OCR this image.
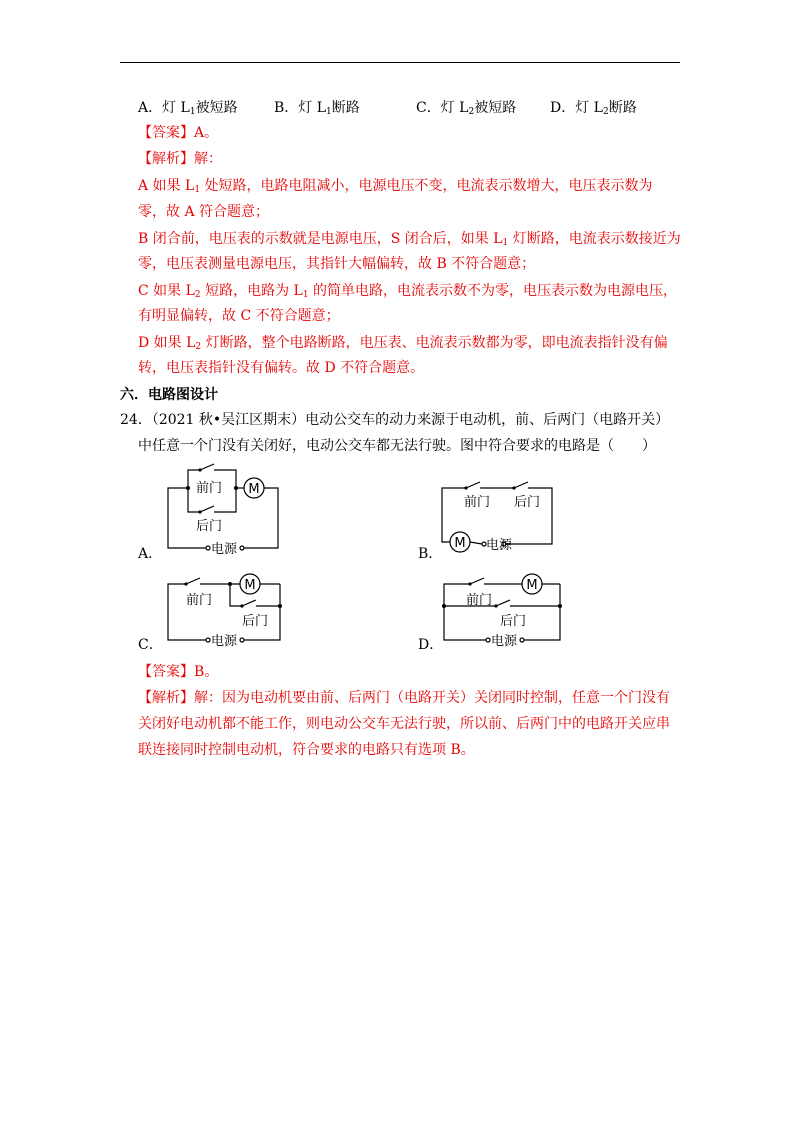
A．灯 $L_1$被短路	B．灯 $L_1$断路	C．灯 $L_2$被短路 D．灯 $L_2$断路
【答案】A。
【解析】解：
A 如果 $L_1$ 处短路，电路电阻减小，电源电压不变，电流表示数增大，电压表示数为
零，故 A 符合题意；
B 闭合前，电压表的示数就是电源电压，S 闭合后，如果 $L_1$ 灯断路，电流表示数接近为
零，电压表测量电源电压，其指针大幅偏转，故 B 不符合题意；
C 如果 $L_2$ 短路，电路为 $L_1$ 的简单电路，电流表示数不为零，电压表示数为电源电压，
有明显偏转，故 C 不符合题意；
D 如果 $L_2$ 灯断路，整个电路断路，电压表、电流表示数都为零，即电流表指针没有偏
转，电压表指针没有偏转。故 D 不符合题意。
六．电路图设计
24．（2021 秋•吴江区期末）电动公交车的动力来源于电动机，前、后两门（电路开关）
中任意一个门没有关闭好，电动公交车都无法行驶。图中符合要求的电路是（　　）
A．
M
前门
后门
电源	B．
M
前门 后门
电源
C．
M
前门
后门
电源	D．
M
前门
后门
电源
【答案】B。
【解析】解：因为电动机要由前、后两门（电路开关）关闭同时控制，任意一个门没有
关闭好电动机都不能工作，则电动公交车无法行驶，所以前、后两门中的电路开关应串
联连接同时控制电动机，符合要求的电路只有选项 B。
